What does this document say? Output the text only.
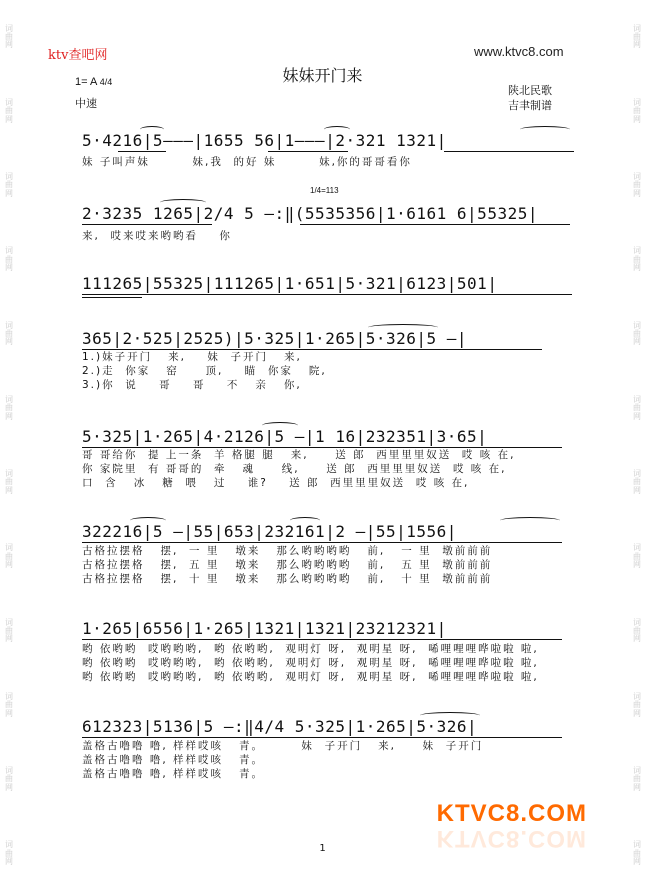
词
曲
网
词
曲
网
词
曲
网
词
曲
网
词
曲
网
词
曲
网
词
曲
网
词
曲
网
词
曲
网
词
曲
网
词
曲
网
词
曲
网
词
曲
网
词
曲
网
词
曲
网
词
曲
网
词
曲
网
词
曲
网
词
曲
网
词
曲
网
词
曲
网
词
曲
网
词
曲
网
词
曲
网
ktv查吧网	www.ktvc8.com
妹妹开门来
1= A 4/4
中速
陕北民歌
吉聿制谱
5·4216|5———|1655 56|1———|2·321 1321|
妹 子叫声妹        妹,我  的好 妹        妹,你的哥哥看你
1/4=113
2·3235 1265|2/4 5 —:‖(5535356|1·6161 6|55325|
来,  哎来哎来哟哟看    你
111265|55325|111265|1·651|5·321|6123|501|
365|2·525|2525)|5·325|1·265|5·326|5 —|
1.)妹子开门   来,    妹  子开门   来,
2.)走  你家   窑     顶,    瞄  你家   院,
3.)你  说    哥    哥    不   亲   你,
5·325|1·265|4·2126|5 —|1 16|232351|3·65|
哥 哥给你  提 上一条  羊 格腿 腿   来,     送 郎  西里里里奴送  哎 咳 在,
你 家院里  有 哥哥的  牵   魂     线,     送 郎  西里里里奴送  哎 咳 在,
口  含   冰   糖  喂   过    谁?    送 郎  西里里里奴送  哎 咳 在,
322216|5 —|55|653|232161|2 —|55|1556|
古格拉摆格   摆,  一 里   墩来   那么哟哟哟哟   前,   一 里  墩前前前
古格拉摆格   摆,  五 里   墩来   那么哟哟哟哟   前,   五 里  墩前前前
古格拉摆格   摆,  十 里   墩来   那么哟哟哟哟   前,   十 里  墩前前前
1·265|6556|1·265|1321|1321|23212321|
哟 依哟哟  哎哟哟哟,  哟 依哟哟,  观明灯 呀,  观明星 呀,  唏哩哩哩哗啦啦 啦,
哟 依哟哟  哎哟哟哟,  哟 依哟哟,  观明灯 呀,  观明星 呀,  唏哩哩哩哗啦啦 啦,
哟 依哟哟  哎哟哟哟,  哟 依哟哟,  观明灯 呀,  观明星 呀,  唏哩哩哩哗啦啦 啦,
612323|5136|5 —:‖4/4 5·325|1·265|5·326|
盖格古噜噜 噜, 样样哎咳   青。       妹  子开门   来,     妹  子开门
盖格古噜噜 噜, 样样哎咳   青。
盖格古噜噜 噜, 样样哎咳   青。
KTVC8.COM
KTVC8.COM
1
